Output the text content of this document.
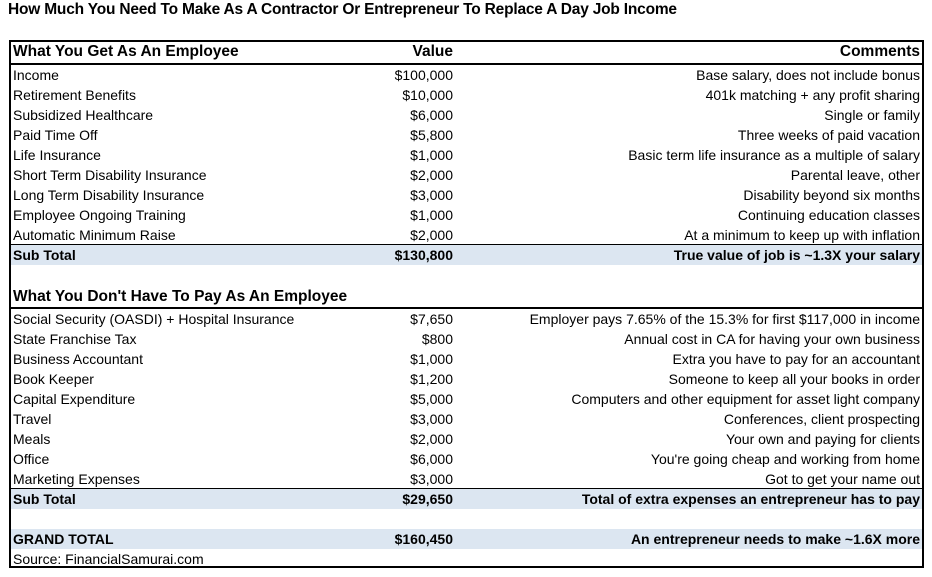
How Much You Need To Make As A Contractor Or Entrepreneur To Replace A Day Job Income
What You Get As An Employee	Value	Comments
Income	$100,000	Base salary, does not include bonus
Retirement Benefits	$10,000	401k matching + any profit sharing
Subsidized Healthcare	$6,000	Single or family
Paid Time Off	$5,800	Three weeks of paid vacation
Life Insurance	$1,000	Basic term life insurance as a multiple of salary
Short Term Disability Insurance	$2,000	Parental leave, other
Long Term Disability Insurance	$3,000	Disability beyond six months
Employee Ongoing Training	$1,000	Continuing education classes
Automatic Minimum Raise	$2,000	At a minimum to keep up with inflation
Sub Total	$130,800	True value of job is ~1.3X your salary
What You Don't Have To Pay As An Employee
Social Security (OASDI) + Hospital Insurance	$7,650	Employer pays 7.65% of the 15.3% for first $117,000 in income
State Franchise Tax	$800	Annual cost in CA for having your own business
Business Accountant	$1,000	Extra you have to pay for an accountant
Book Keeper	$1,200	Someone to keep all your books in order
Capital Expenditure	$5,000	Computers and other equipment for asset light company
Travel	$3,000	Conferences, client prospecting
Meals	$2,000	Your own and paying for clients
Office	$6,000	You're going cheap and working from home
Marketing Expenses	$3,000	Got to get your name out
Sub Total	$29,650	Total of extra expenses an entrepreneur has to pay
GRAND TOTAL	$160,450	An entrepreneur needs to make ~1.6X more
Source: FinancialSamurai.com
